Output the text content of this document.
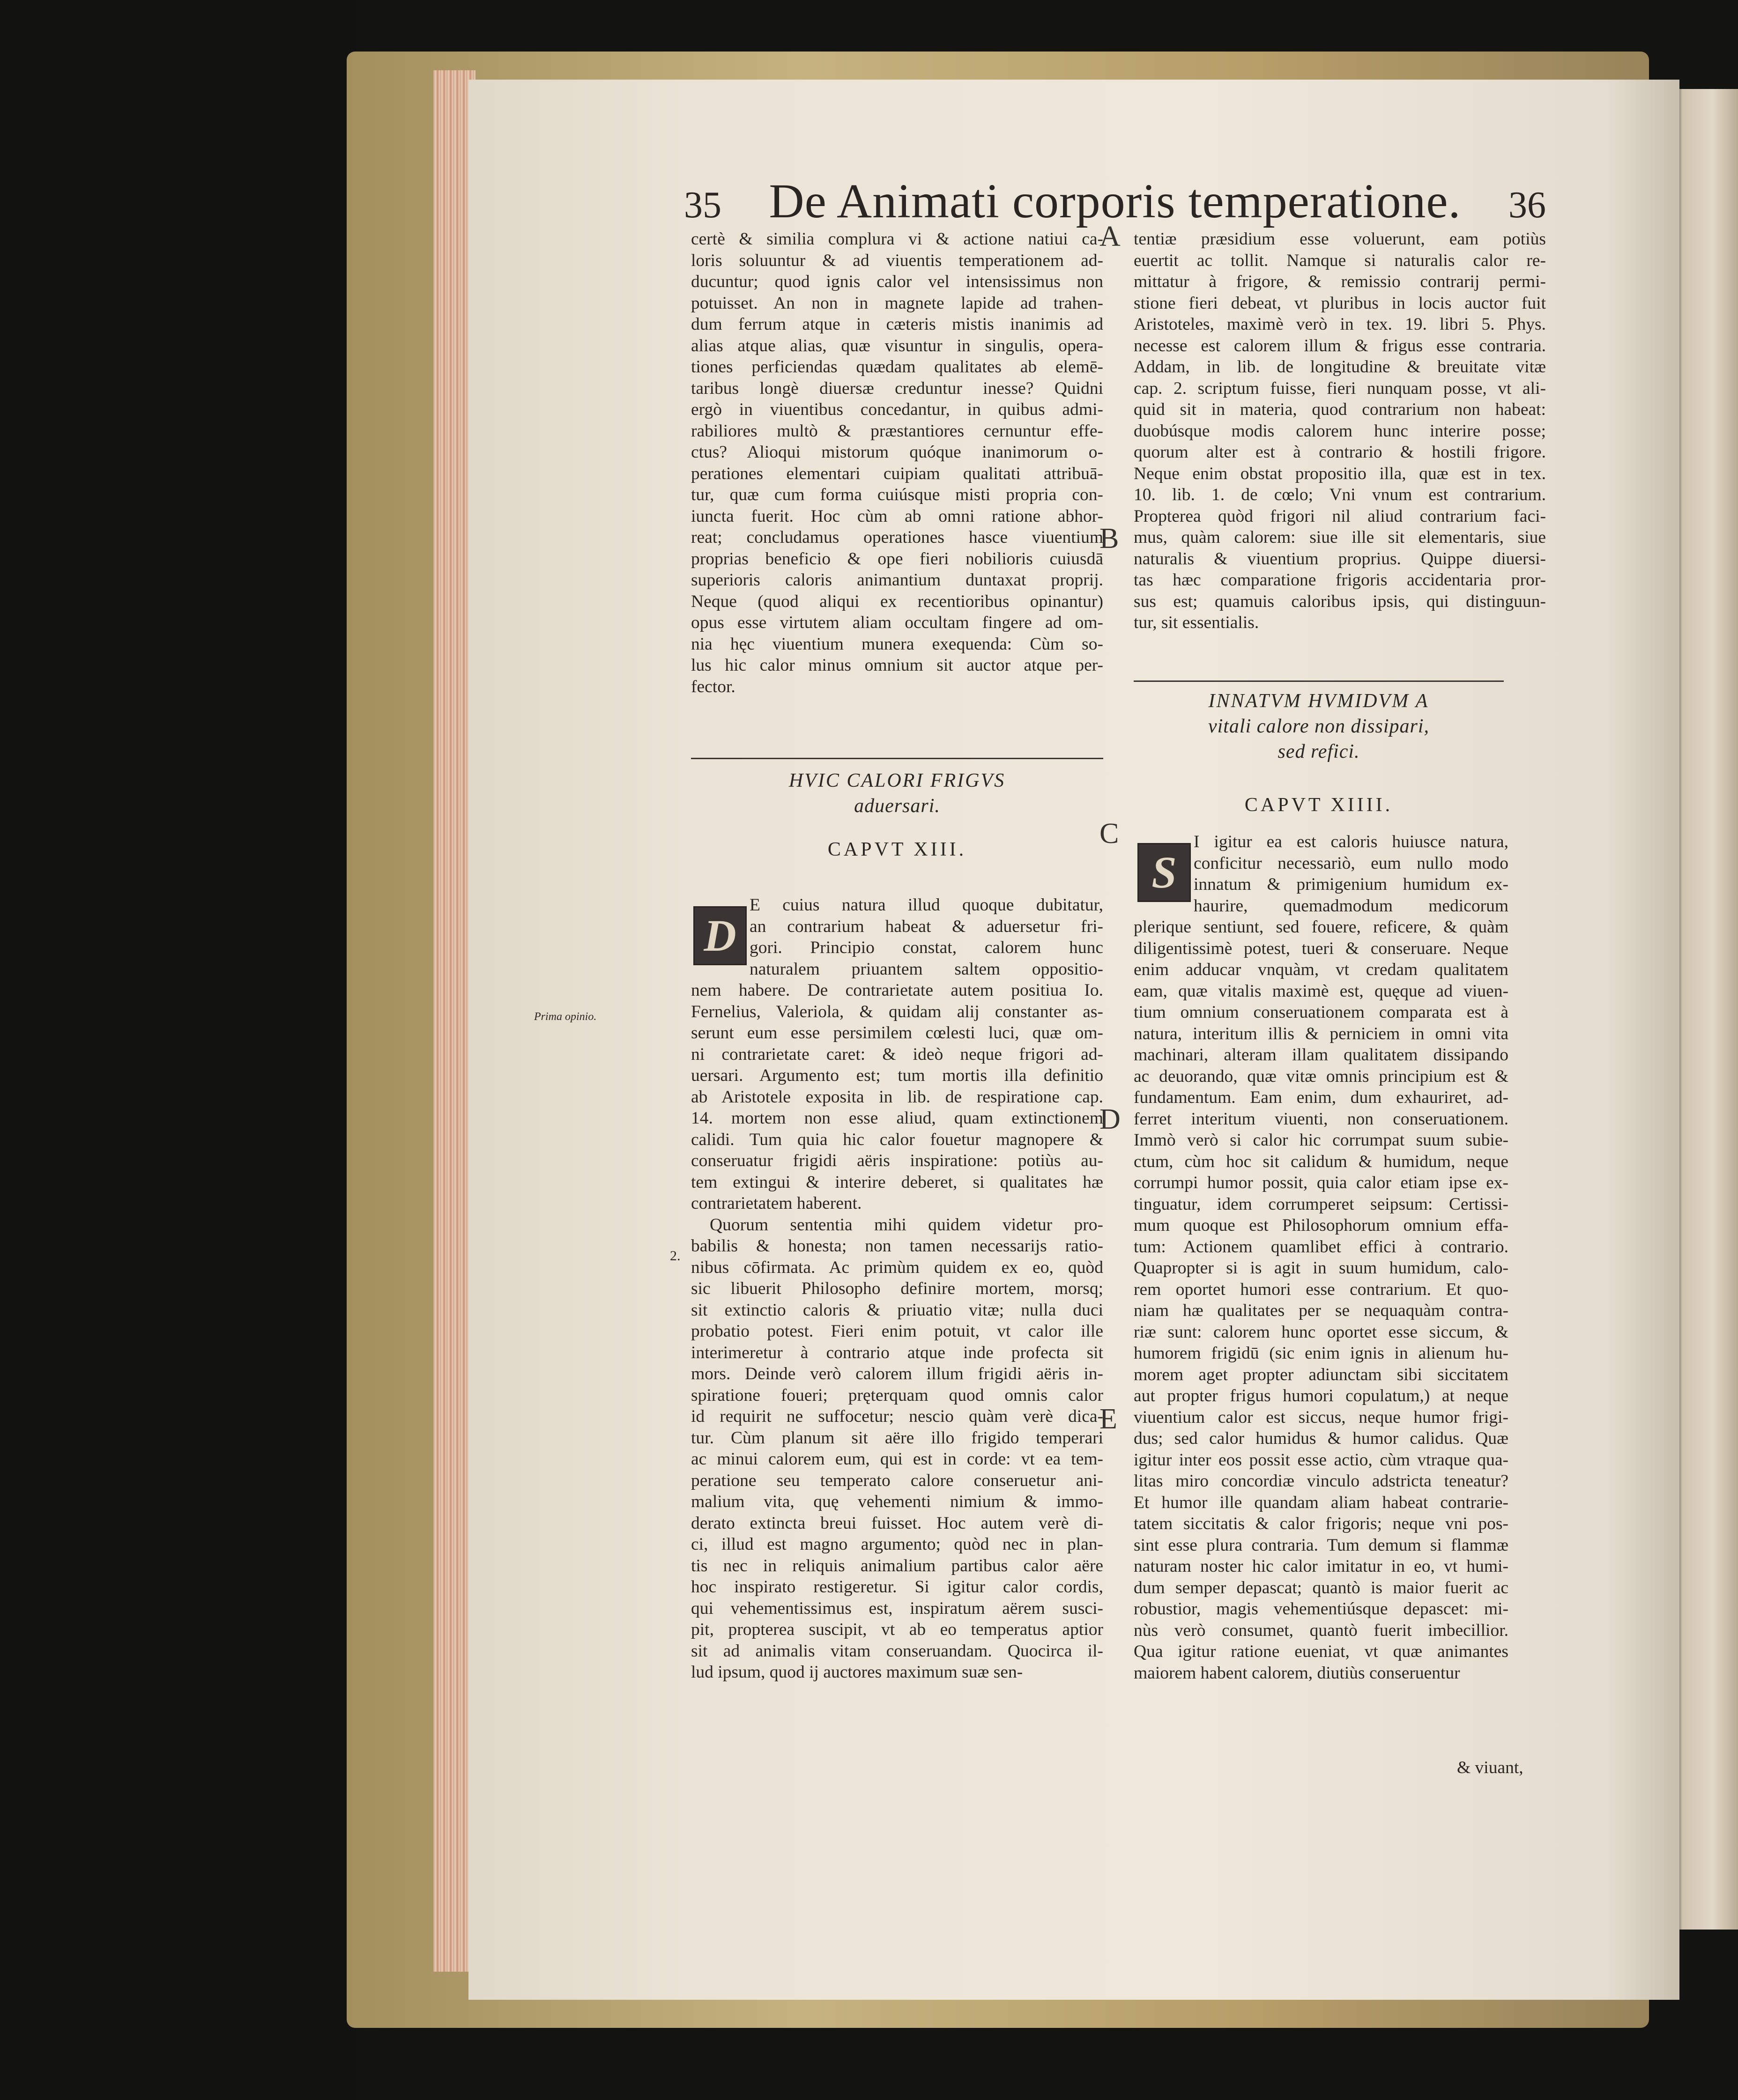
35 De Animati corporis temperatione. 36
A
B
C
D
E
certè & similia complura vi & actione natiui ca-
loris soluuntur & ad viuentis temperationem ad-
ducuntur; quod ignis calor vel intensissimus non
potuisset. An non in magnete lapide ad trahen-
dum ferrum atque in cæteris mistis inanimis ad
alias atque alias, quæ visuntur in singulis, opera-
tiones perficiendas quædam qualitates ab elemē-
taribus longè diuersæ creduntur inesse? Quidni
ergò in viuentibus concedantur, in quibus admi-
rabiliores multò & præstantiores cernuntur effe-
ctus? Alioqui mistorum quóque inanimorum o-
perationes elementari cuipiam qualitati attribuā-
tur, quæ cum forma cuiúsque misti propria con-
iuncta fuerit. Hoc cùm ab omni ratione abhor-
reat; concludamus operationes hasce viuentium
proprias beneficio & ope fieri nobilioris cuiusdā
superioris caloris animantium duntaxat proprij.
Neque (quod aliqui ex recentioribus opinantur)
opus esse virtutem aliam occultam fingere ad om-
nia hęc viuentium munera exequenda: Cùm so-
lus hic calor minus omnium sit auctor atque per-
fector.
HVIC CALORI FRIGVS
aduersari.
CAPVT XIII.
D
E cuius natura illud quoque dubitatur,
an contrarium habeat & aduersetur fri-
gori. Principio constat, calorem hunc
naturalem priuantem saltem oppositio-
nem habere. De contrarietate autem positiua Io.
Fernelius, Valeriola, & quidam alij constanter as-
serunt eum esse persimilem cœlesti luci, quæ om-
ni contrarietate caret: & ideò neque frigori ad-
uersari. Argumento est; tum mortis illa definitio
ab Aristotele exposita in lib. de respiratione cap.
14. mortem non esse aliud, quam extinctionem
calidi. Tum quia hic calor fouetur magnopere &
conseruatur frigidi aëris inspiratione: potiùs au-
tem extingui & interire deberet, si qualitates hæ
contrarietatem haberent.
Quorum sententia mihi quidem videtur pro-
babilis & honesta; non tamen necessarijs ratio-
nibus cōfirmata. Ac primùm quidem ex eo, quòd
sic libuerit Philosopho definire mortem, morsq;
sit extinctio caloris & priuatio vitæ; nulla duci
probatio potest. Fieri enim potuit, vt calor ille
interimeretur à contrario atque inde profecta sit
mors. Deinde verò calorem illum frigidi aëris in-
spiratione foueri; pręterquam quod omnis calor
id requirit ne suffocetur; nescio quàm verè dica-
tur. Cùm planum sit aëre illo frigido temperari
ac minui calorem eum, qui est in corde: vt ea tem-
peratione seu temperato calore conseruetur ani-
malium vita, quę vehementi nimium & immo-
derato extincta breui fuisset. Hoc autem verè di-
ci, illud est magno argumento; quòd nec in plan-
tis nec in reliquis animalium partibus calor aëre
hoc inspirato restigeretur. Si igitur calor cordis,
qui vehementissimus est, inspiratum aërem susci-
pit, propterea suscipit, vt ab eo temperatus aptior
sit ad animalis vitam conseruandam. Quocirca il-
lud ipsum, quod ij auctores maximum suæ sen-
Prima opinio.
2.
tentiæ præsidium esse voluerunt, eam potiùs
euertit ac tollit. Namque si naturalis calor re-
mittatur à frigore, & remissio contrarij permi-
stione fieri debeat, vt pluribus in locis auctor fuit
Aristoteles, maximè verò in tex. 19. libri 5. Phys.
necesse est calorem illum & frigus esse contraria.
Addam, in lib. de longitudine & breuitate vitæ
cap. 2. scriptum fuisse, fieri nunquam posse, vt ali-
quid sit in materia, quod contrarium non habeat:
duobúsque modis calorem hunc interire posse;
quorum alter est à contrario & hostili frigore.
Neque enim obstat propositio illa, quæ est in tex.
10. lib. 1. de cœlo; Vni vnum est contrarium.
Propterea quòd frigori nil aliud contrarium faci-
mus, quàm calorem: siue ille sit elementaris, siue
naturalis & viuentium proprius. Quippe diuersi-
tas hæc comparatione frigoris accidentaria pror-
sus est; quamuis caloribus ipsis, qui distinguun-
tur, sit essentialis.
INNATVM HVMIDVM A
vitali calore non dissipari,
sed refici.
CAPVT XIIII.
S
I igitur ea est caloris huiusce natura,
conficitur necessariò, eum nullo modo
innatum & primigenium humidum ex-
haurire, quemadmodum medicorum
plerique sentiunt, sed fouere, reficere, & quàm
diligentissimè potest, tueri & conseruare. Neque
enim adducar vnquàm, vt credam qualitatem
eam, quæ vitalis maximè est, quęque ad viuen-
tium omnium conseruationem comparata est à
natura, interitum illis & perniciem in omni vita
machinari, alteram illam qualitatem dissipando
ac deuorando, quæ vitæ omnis principium est &
fundamentum. Eam enim, dum exhauriret, ad-
ferret interitum viuenti, non conseruationem.
Immò verò si calor hic corrumpat suum subie-
ctum, cùm hoc sit calidum & humidum, neque
corrumpi humor possit, quia calor etiam ipse ex-
tinguatur, idem corrumperet seipsum: Certissi-
mum quoque est Philosophorum omnium effa-
tum: Actionem quamlibet effici à contrario.
Quapropter si is agit in suum humidum, calo-
rem oportet humori esse contrarium. Et quo-
niam hæ qualitates per se nequaquàm contra-
riæ sunt: calorem hunc oportet esse siccum, &
humorem frigidū (sic enim ignis in alienum hu-
morem aget propter adiunctam sibi siccitatem
aut propter frigus humori copulatum,) at neque
viuentium calor est siccus, neque humor frigi-
dus; sed calor humidus & humor calidus. Quæ
igitur inter eos possit esse actio, cùm vtraque qua-
litas miro concordiæ vinculo adstricta teneatur?
Et humor ille quandam aliam habeat contrarie-
tatem siccitatis & calor frigoris; neque vni pos-
sint esse plura contraria. Tum demum si flammæ
naturam noster hic calor imitatur in eo, vt humi-
dum semper depascat; quantò is maior fuerit ac
robustior, magis vehementiúsque depascet: mi-
nùs verò consumet, quantò fuerit imbecillior.
Qua igitur ratione eueniat, vt quæ animantes
maiorem habent calorem, diutiùs conseruentur
& viuant,
